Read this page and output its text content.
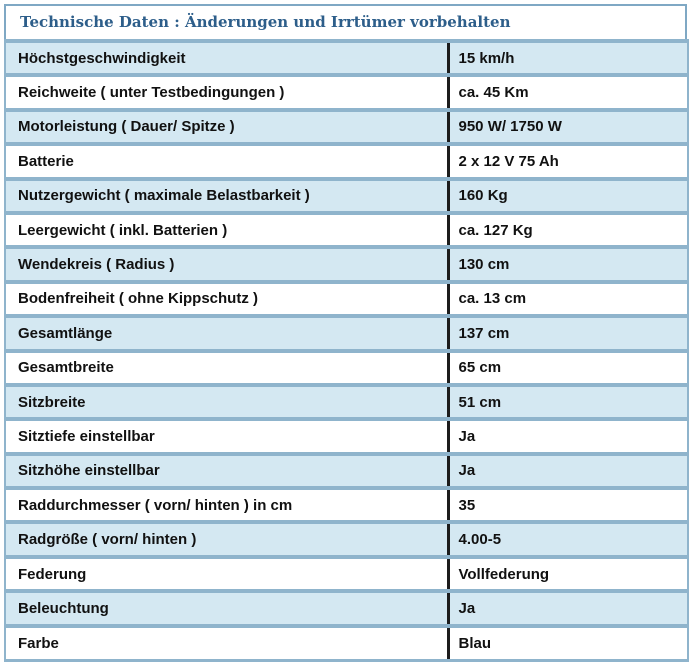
Technische Daten : Änderungen und Irrtümer vorbehalten
Höchstgeschwindigkeit	15 km/h
Reichweite ( unter Testbedingungen )	ca. 45 Km
Motorleistung ( Dauer/ Spitze )	950 W/ 1750 W
Batterie	2 x 12 V 75 Ah
Nutzergewicht ( maximale Belastbarkeit )	160 Kg
Leergewicht ( inkl. Batterien )	ca. 127 Kg
Wendekreis ( Radius )	130 cm
Bodenfreiheit ( ohne Kippschutz )	ca. 13 cm
Gesamtlänge	137 cm
Gesamtbreite	65 cm
Sitzbreite	51 cm
Sitztiefe einstellbar	Ja
Sitzhöhe einstellbar	Ja
Raddurchmesser ( vorn/ hinten ) in cm	35
Radgröße ( vorn/ hinten )	4.00-5
Federung	Vollfederung
Beleuchtung	Ja
Farbe	Blau
